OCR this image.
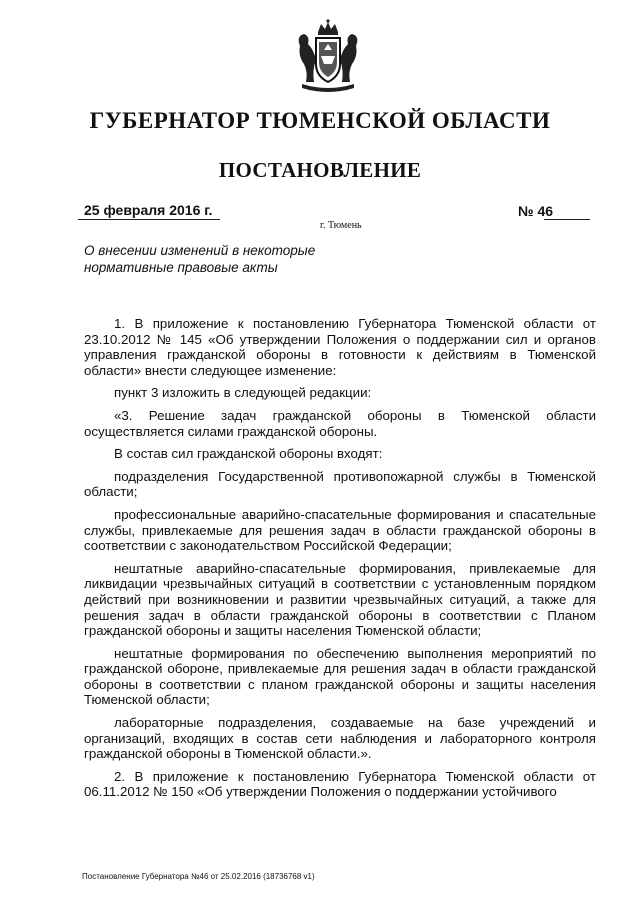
ГУБЕРНАТОР ТЮМЕНСКОЙ ОБЛАСТИ
ПОСТАНОВЛЕНИЕ
25 февраля 2016 г.
г. Тюмень
№ 46
О внесении изменений в некоторые
нормативные правовые акты

1. В приложение к постановлению Губернатора Тюменской области от 23.10.2012 № 145 «Об утверждении Положения о поддержании сил и органов управления гражданской обороны в готовности к действиям в Тюменской области» внести следующее изменение:

пункт 3 изложить в следующей редакции:

«3. Решение задач гражданской обороны в Тюменской области осуществляется силами гражданской обороны.

В состав сил гражданской обороны входят:

подразделения Государственной противопожарной службы в Тюменской области;

профессиональные аварийно-спасательные формирования и спасательные службы, привлекаемые для решения задач в области гражданской обороны в соответствии с законодательством Российской Федерации;

нештатные аварийно-спасательные формирования, привлекаемые для ликвидации чрезвычайных ситуаций в соответствии с установленным порядком действий при возникновении и развитии чрезвычайных ситуаций, а также для решения задач в области гражданской обороны в соответствии с Планом гражданской обороны и защиты населения Тюменской области;

нештатные формирования по обеспечению выполнения мероприятий по гражданской обороне, привлекаемые для решения задач в области гражданской обороны в соответствии с планом гражданской обороны и защиты населения Тюменской области;

лабораторные подразделения, создаваемые на базе учреждений и организаций, входящих в состав сети наблюдения и лабораторного контроля гражданской обороны в Тюменской области.».

2. В приложение к постановлению Губернатора Тюменской области от 06.11.2012 № 150 «Об утверждении Положения о поддержании устойчивого

Постановление Губернатора №46 от 25.02.2016 (18736768 v1)
